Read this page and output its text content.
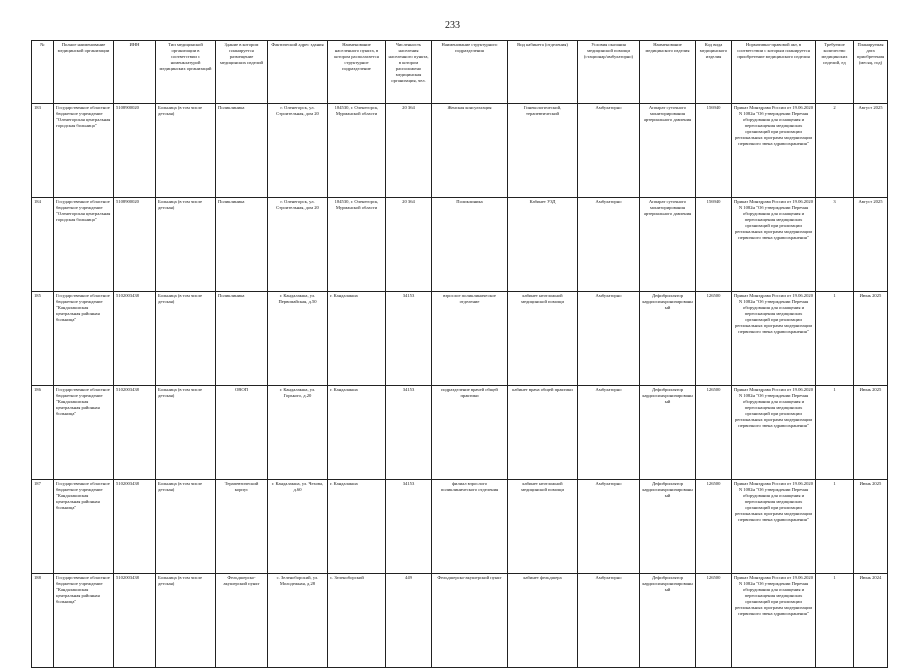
233
№	Полное наименование медицинской организации	ИНН	Тип медицинской организации в соответствии с номенклатурой медицинских организаций	Здание в котором планируется размещение медицинских изделий	Фактический адрес здания	Наименование населенного пункта, в котором располагается структурное подразделение	Численность населения населенного пункта, в котором расположено медицинская организация, чел.	Наименование структурного подразделения	Вид кабинета (отделения)	Условия оказания медицинской помощи (стационар/амбулаторно)	Наименование медицинского изделия	Код вида медицинского изделия	Нормативно-правовой акт, в соответствии с которым планируется приобретение медицинского изделия	Требуемое количество медицинских изделий, ед	Планируемая дата приобретения (месяц, год)
183	Государственное областное бюджетное учреждение "Оленегорская центральная городская больница"	5108900020	Больница (в том числе детская)	Поликлиника	г. Оленегорск, ул. Строительная, дом 20	184530, г. Оленегорск, Мурманской области	20 364	Женская консультация	Гинекологический, терапевтический	Амбулаторно	Аппарат суточного мониторирования артериального давления	156940	Приказ Минздрава России от 19.06.2020 N 1082н "Об утверждении Перечня оборудования для оснащения и переоснащения медицинских организаций при реализации региональных программ модернизации первичного звена здравоохранения"	2	Август 2025
184	Государственное областное бюджетное учреждение "Оленегорская центральная городская больница"	5108900020	Больница (в том числе детская)	Поликлиника	г. Оленегорск, ул. Строительная, дом 20	184530, г. Оленегорск, Мурманской области	20 364	Поликлиника	Кабинет УЗД	Амбулаторно	Аппарат суточного мониторирования артериального давления	156940	Приказ Минздрава России от 19.06.2020 N 1082н "Об утверждении Перечня оборудования для оснащения и переоснащения медицинских организаций при реализации региональных программ модернизации первичного звена здравоохранения"	3	Август 2025
185	Государственное областное бюджетное учреждение "Кандалакшская центральная районная больница"	5102003438	Больница (в том числе детская)	Поликлиника	г. Кандалакша, ул. Первомайская, д.50	г. Кандалакша	34153	взрослое поликлиническое отделение	кабинет неотложной медицинской помощи	Амбулаторно	Дефибриллятор кардиосинхронизированный	126500	Приказ Минздрава России от 19.06.2020 N 1082н "Об утверждении Перечня оборудования для оснащения и переоснащения медицинских организаций при реализации региональных программ модернизации первичного звена здравоохранения"	1	Июнь 2025
186	Государственное областное бюджетное учреждение "Кандалакшская центральная районная больница"	5102003438	Больница (в том числе детская)	ОВОП	г. Кандалакша, ул. Горького, д.20	г. Кандалакша	34153	подразделение врачей общей практики	кабинет врача общей практики	Амбулаторно	Дефибриллятор кардиосинхронизированный	126500	Приказ Минздрава России от 19.06.2020 N 1082н "Об утверждении Перечня оборудования для оснащения и переоснащения медицинских организаций при реализации региональных программ модернизации первичного звена здравоохранения"	1	Июнь 2025
187	Государственное областное бюджетное учреждение "Кандалакшская центральная районная больница"	5102003438	Больница (в том числе детская)	Терапевтический корпус	г. Кандалакша, ул. Чехова, д.60	г. Кандалакша	34153	филиал взрослого поликлинического отделения	кабинет неотложной медицинской помощи	Амбулаторно	Дефибриллятор кардиосинхронизированный	126500	Приказ Минздрава России от 19.06.2020 N 1082н "Об утверждении Перечня оборудования для оснащения и переоснащения медицинских организаций при реализации региональных программ модернизации первичного звена здравоохранения"	1	Июнь 2025
188	Государственное областное бюджетное учреждение "Кандалакшская центральная районная больница"	5102003438	Больница (в том числе детская)	Фельдшерско-акушерский пункт	с. Зеленоборский, ул. Молодежная, д.28	с. Зеленоборский	449	Фельдшерско-акушерский пункт	кабинет фельдшера	Амбулаторно	Дефибриллятор кардиосинхронизированный	126500	Приказ Минздрава России от 19.06.2020 N 1082н "Об утверждении Перечня оборудования для оснащения и переоснащения медицинских организаций при реализации региональных программ модернизации первичного звена здравоохранения"	1	Июнь 2024
